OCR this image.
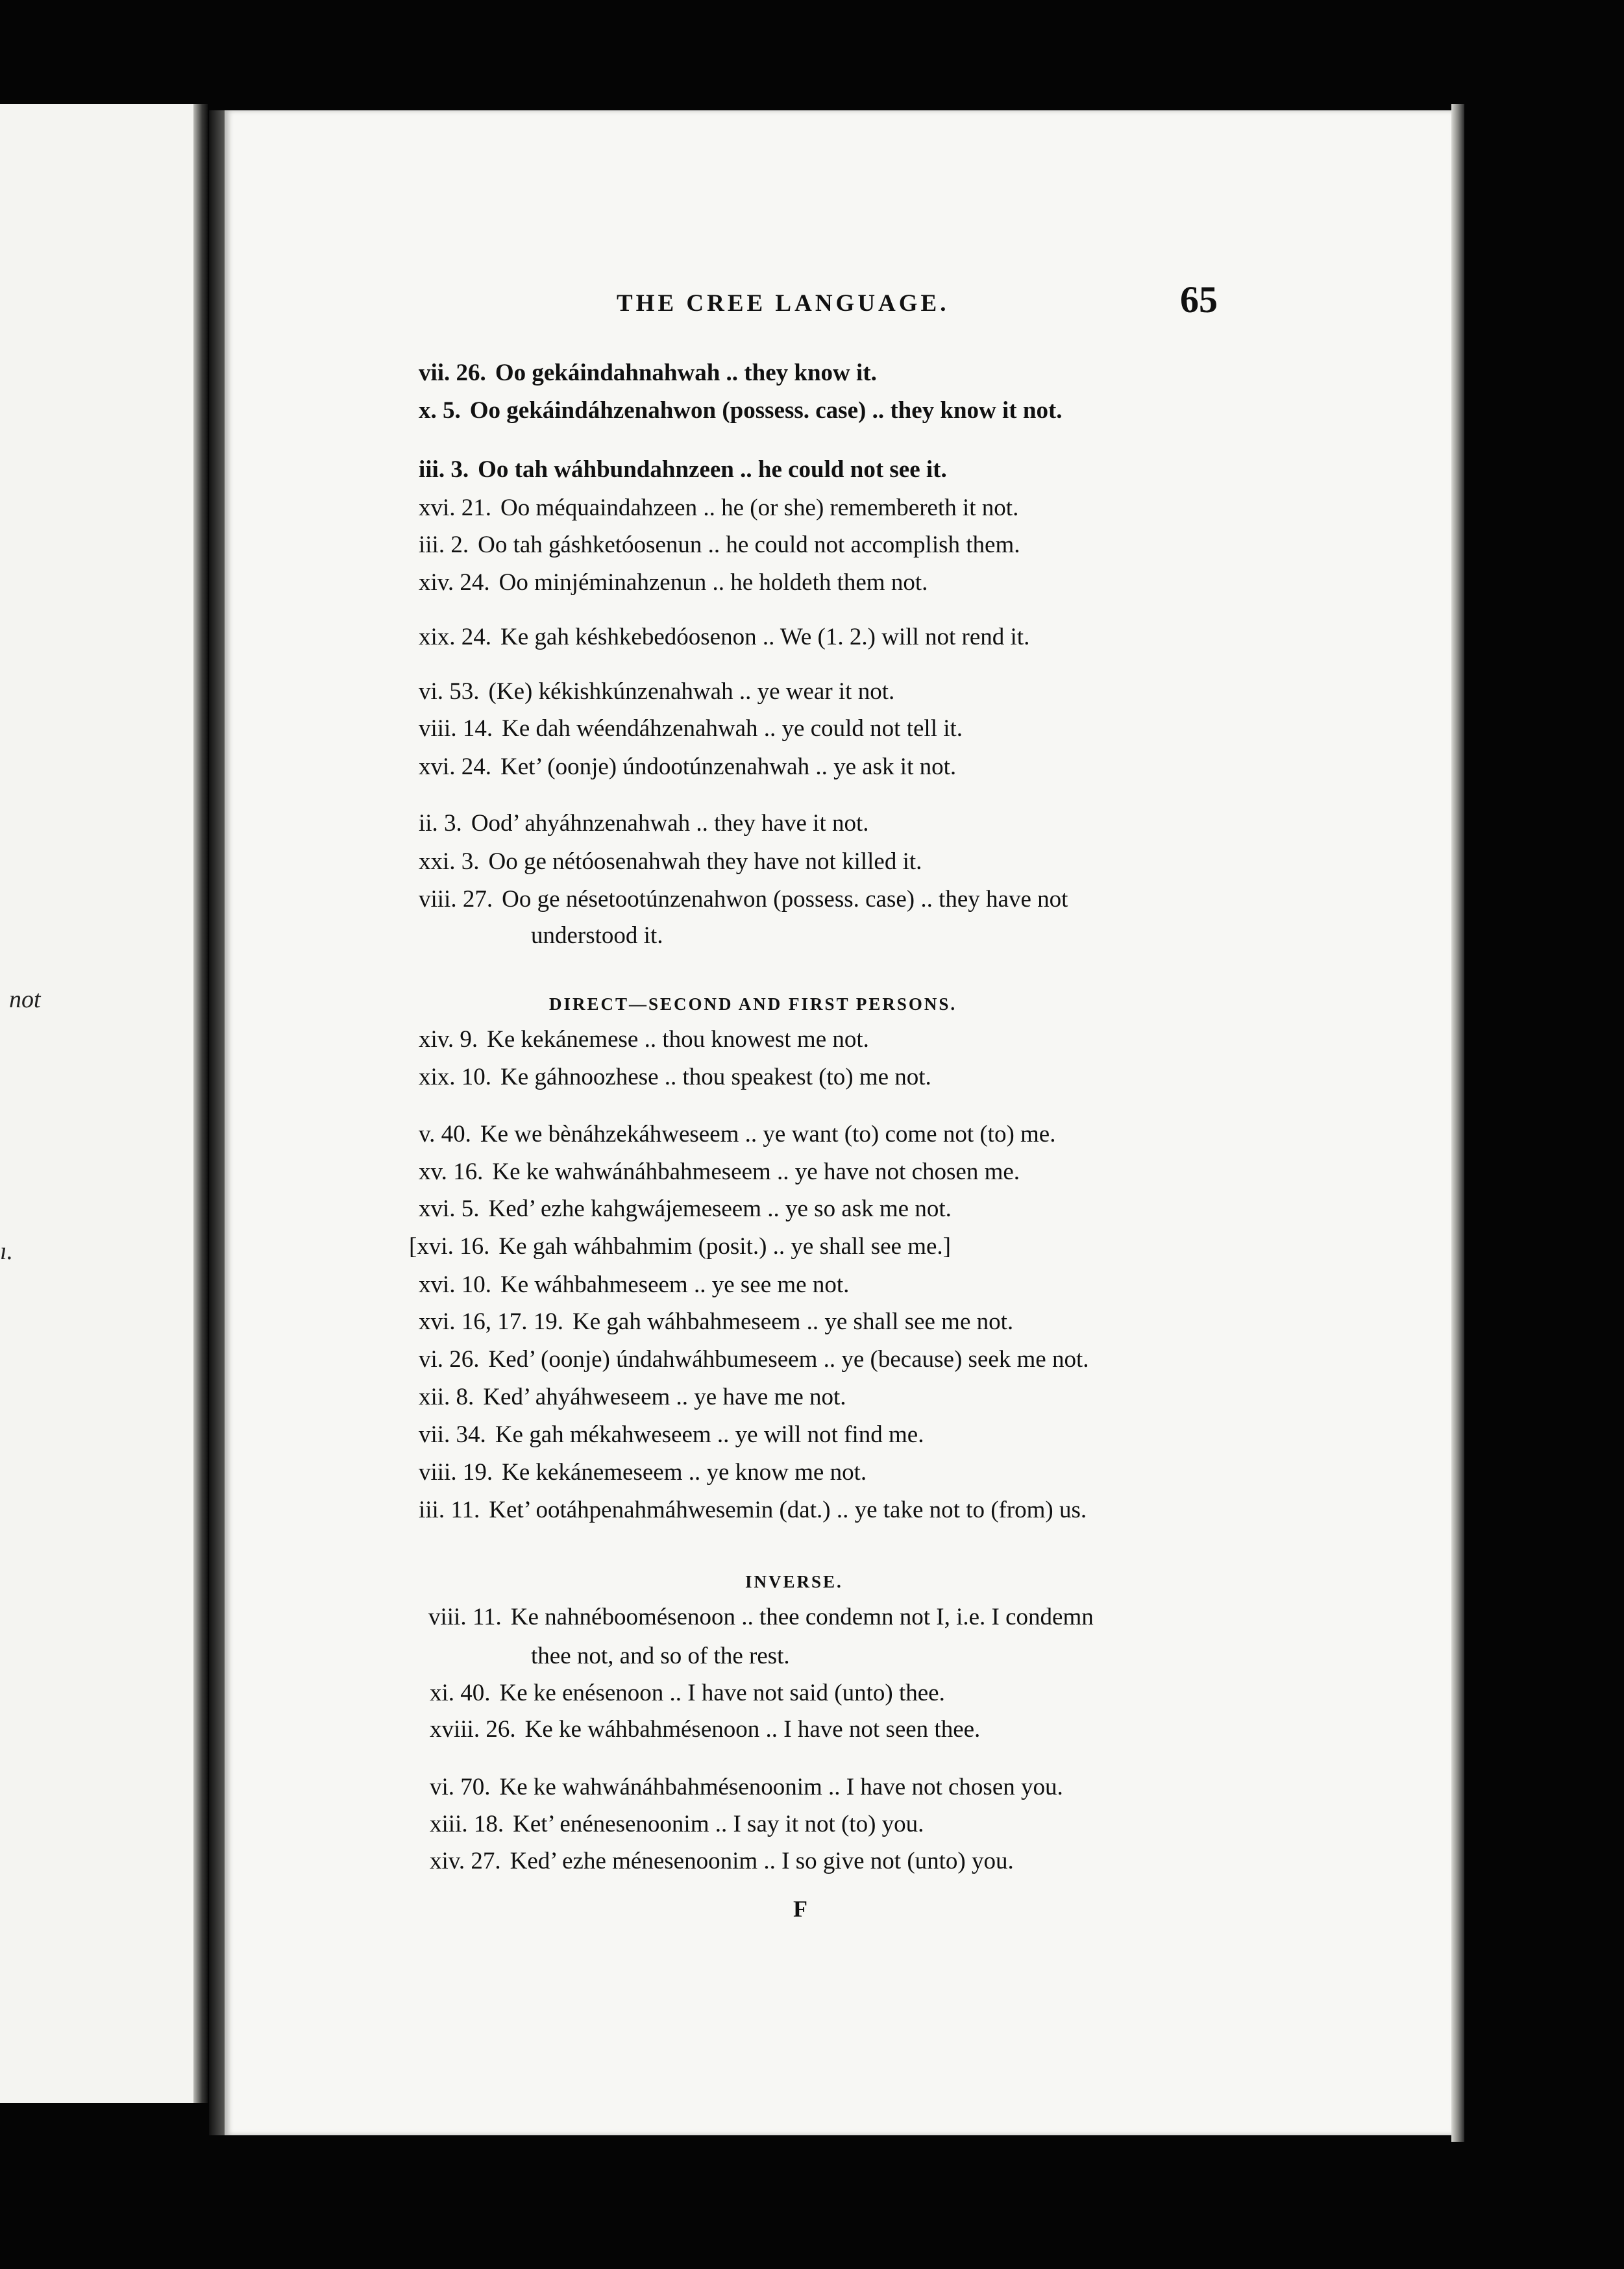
not
ı.
THE CREE LANGUAGE.	65
vii. 26. Oo gekáindahnahwah .. they know it.
x. 5. Oo gekáindáhzenahwon (possess. case) .. they know it not.
iii. 3. Oo tah wáhbundahnzeen .. he could not see it.
xvi. 21. Oo méquaindahzeen .. he (or she) remembereth it not.
iii. 2. Oo tah gáshketóosenun .. he could not accomplish them.
xiv. 24. Oo minjéminahzenun .. he holdeth them not.
xix. 24. Ke gah késhkebedóosenon .. We (1. 2.) will not rend it.
vi. 53. (Ke) kékishkúnzenahwah .. ye wear it not.
viii. 14. Ke dah wéendáhzenahwah .. ye could not tell it.
xvi. 24. Ket’ (oonje) úndootúnzenahwah .. ye ask it not.
ii. 3. Ood’ ahyáhnzenahwah .. they have it not.
xxi. 3. Oo ge nétóosenahwah they have not killed it.
viii. 27. Oo ge nésetootúnzenahwon (possess. case) .. they have not
understood it.
DIRECT—SECOND AND FIRST PERSONS.
xiv. 9. Ke kekánemese .. thou knowest me not.
xix. 10. Ke gáhnoozhese .. thou speakest (to) me not.
v. 40. Ke we bènáhzekáhweseem .. ye want (to) come not (to) me.
xv. 16. Ke ke wahwánáhbahmeseem .. ye have not chosen me.
xvi. 5. Ked’ ezhe kahgwájemeseem .. ye so ask me not.
[xvi. 16. Ke gah wáhbahmim (posit.) .. ye shall see me.]
xvi. 10. Ke wáhbahmeseem .. ye see me not.
xvi. 16, 17. 19. Ke gah wáhbahmeseem .. ye shall see me not.
vi. 26. Ked’ (oonje) úndahwáhbumeseem .. ye (because) seek me not.
xii. 8. Ked’ ahyáhweseem .. ye have me not.
vii. 34. Ke gah mékahweseem .. ye will not find me.
viii. 19. Ke kekánemeseem .. ye know me not.
iii. 11. Ket’ ootáhpenahmáhwesemin (dat.) .. ye take not to (from) us.
INVERSE.
viii. 11. Ke nahnéboomésenoon .. thee condemn not I, i.e. I condemn
thee not, and so of the rest.
xi. 40. Ke ke enésenoon .. I have not said (unto) thee.
xviii. 26. Ke ke wáhbahmésenoon .. I have not seen thee.
vi. 70. Ke ke wahwánáhbahmésenoonim .. I have not chosen you.
xiii. 18. Ket’ enénesenoonim .. I say it not (to) you.
xiv. 27. Ked’ ezhe ménesenoonim .. I so give not (unto) you.
F
